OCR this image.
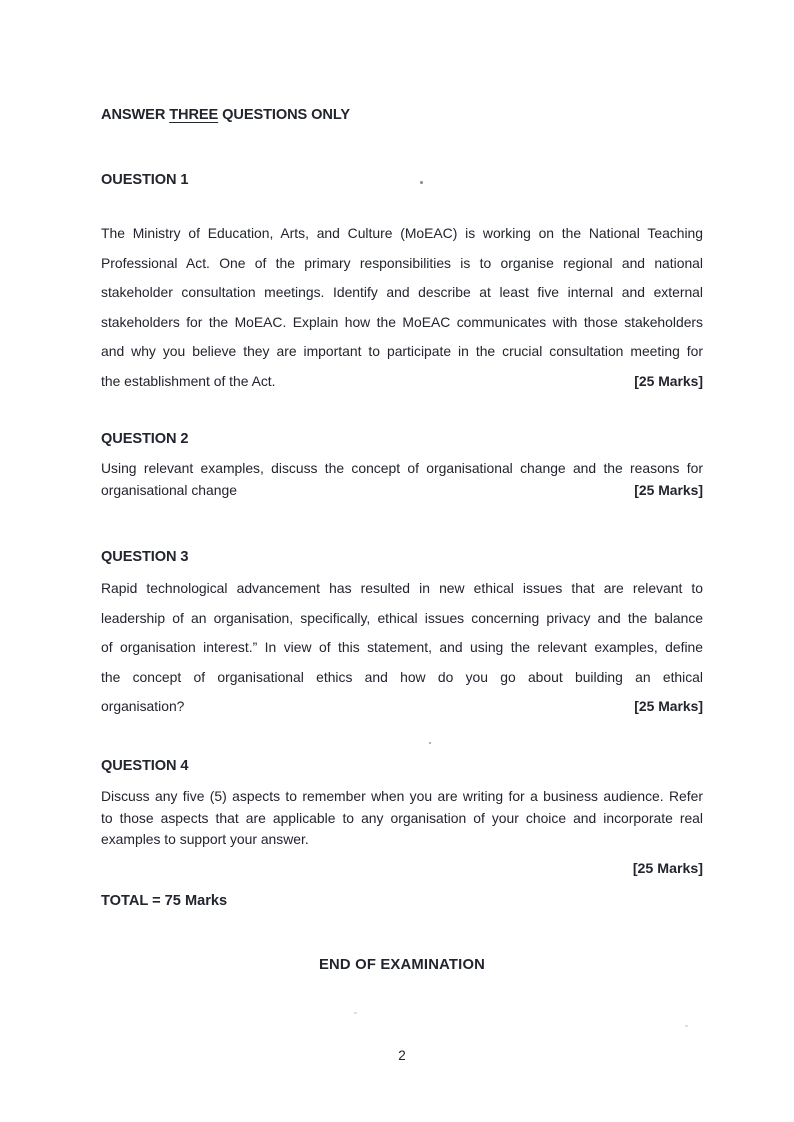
ANSWER THREE QUESTIONS ONLY
OUESTION 1
The Ministry of Education, Arts, and Culture (MoEAC) is working on the National Teaching
Professional Act. One of the primary responsibilities is to organise regional and national
stakeholder consultation meetings. Identify and describe at least five internal and external
stakeholders for the MoEAC. Explain how the MoEAC communicates with those stakeholders
and why you believe they are important to participate in the crucial consultation meeting for
the establishment of the Act.	[25 Marks]
QUESTION 2
Using relevant examples, discuss the concept of organisational change and the reasons for
organisational change	[25 Marks]
QUESTION 3
Rapid technological advancement has resulted in new ethical issues that are relevant to
leadership of an organisation, specifically, ethical issues concerning privacy and the balance
of organisation interest.” In view of this statement, and using the relevant examples, define
the concept of organisational ethics and how do you go about building an ethical
organisation?	[25 Marks]
QUESTION 4
Discuss any five (5) aspects to remember when you are writing for a business audience. Refer
to those aspects that are applicable to any organisation of your choice and incorporate real
examples to support your answer.
[25 Marks]
TOTAL = 75 Marks
END OF EXAMINATION
2
